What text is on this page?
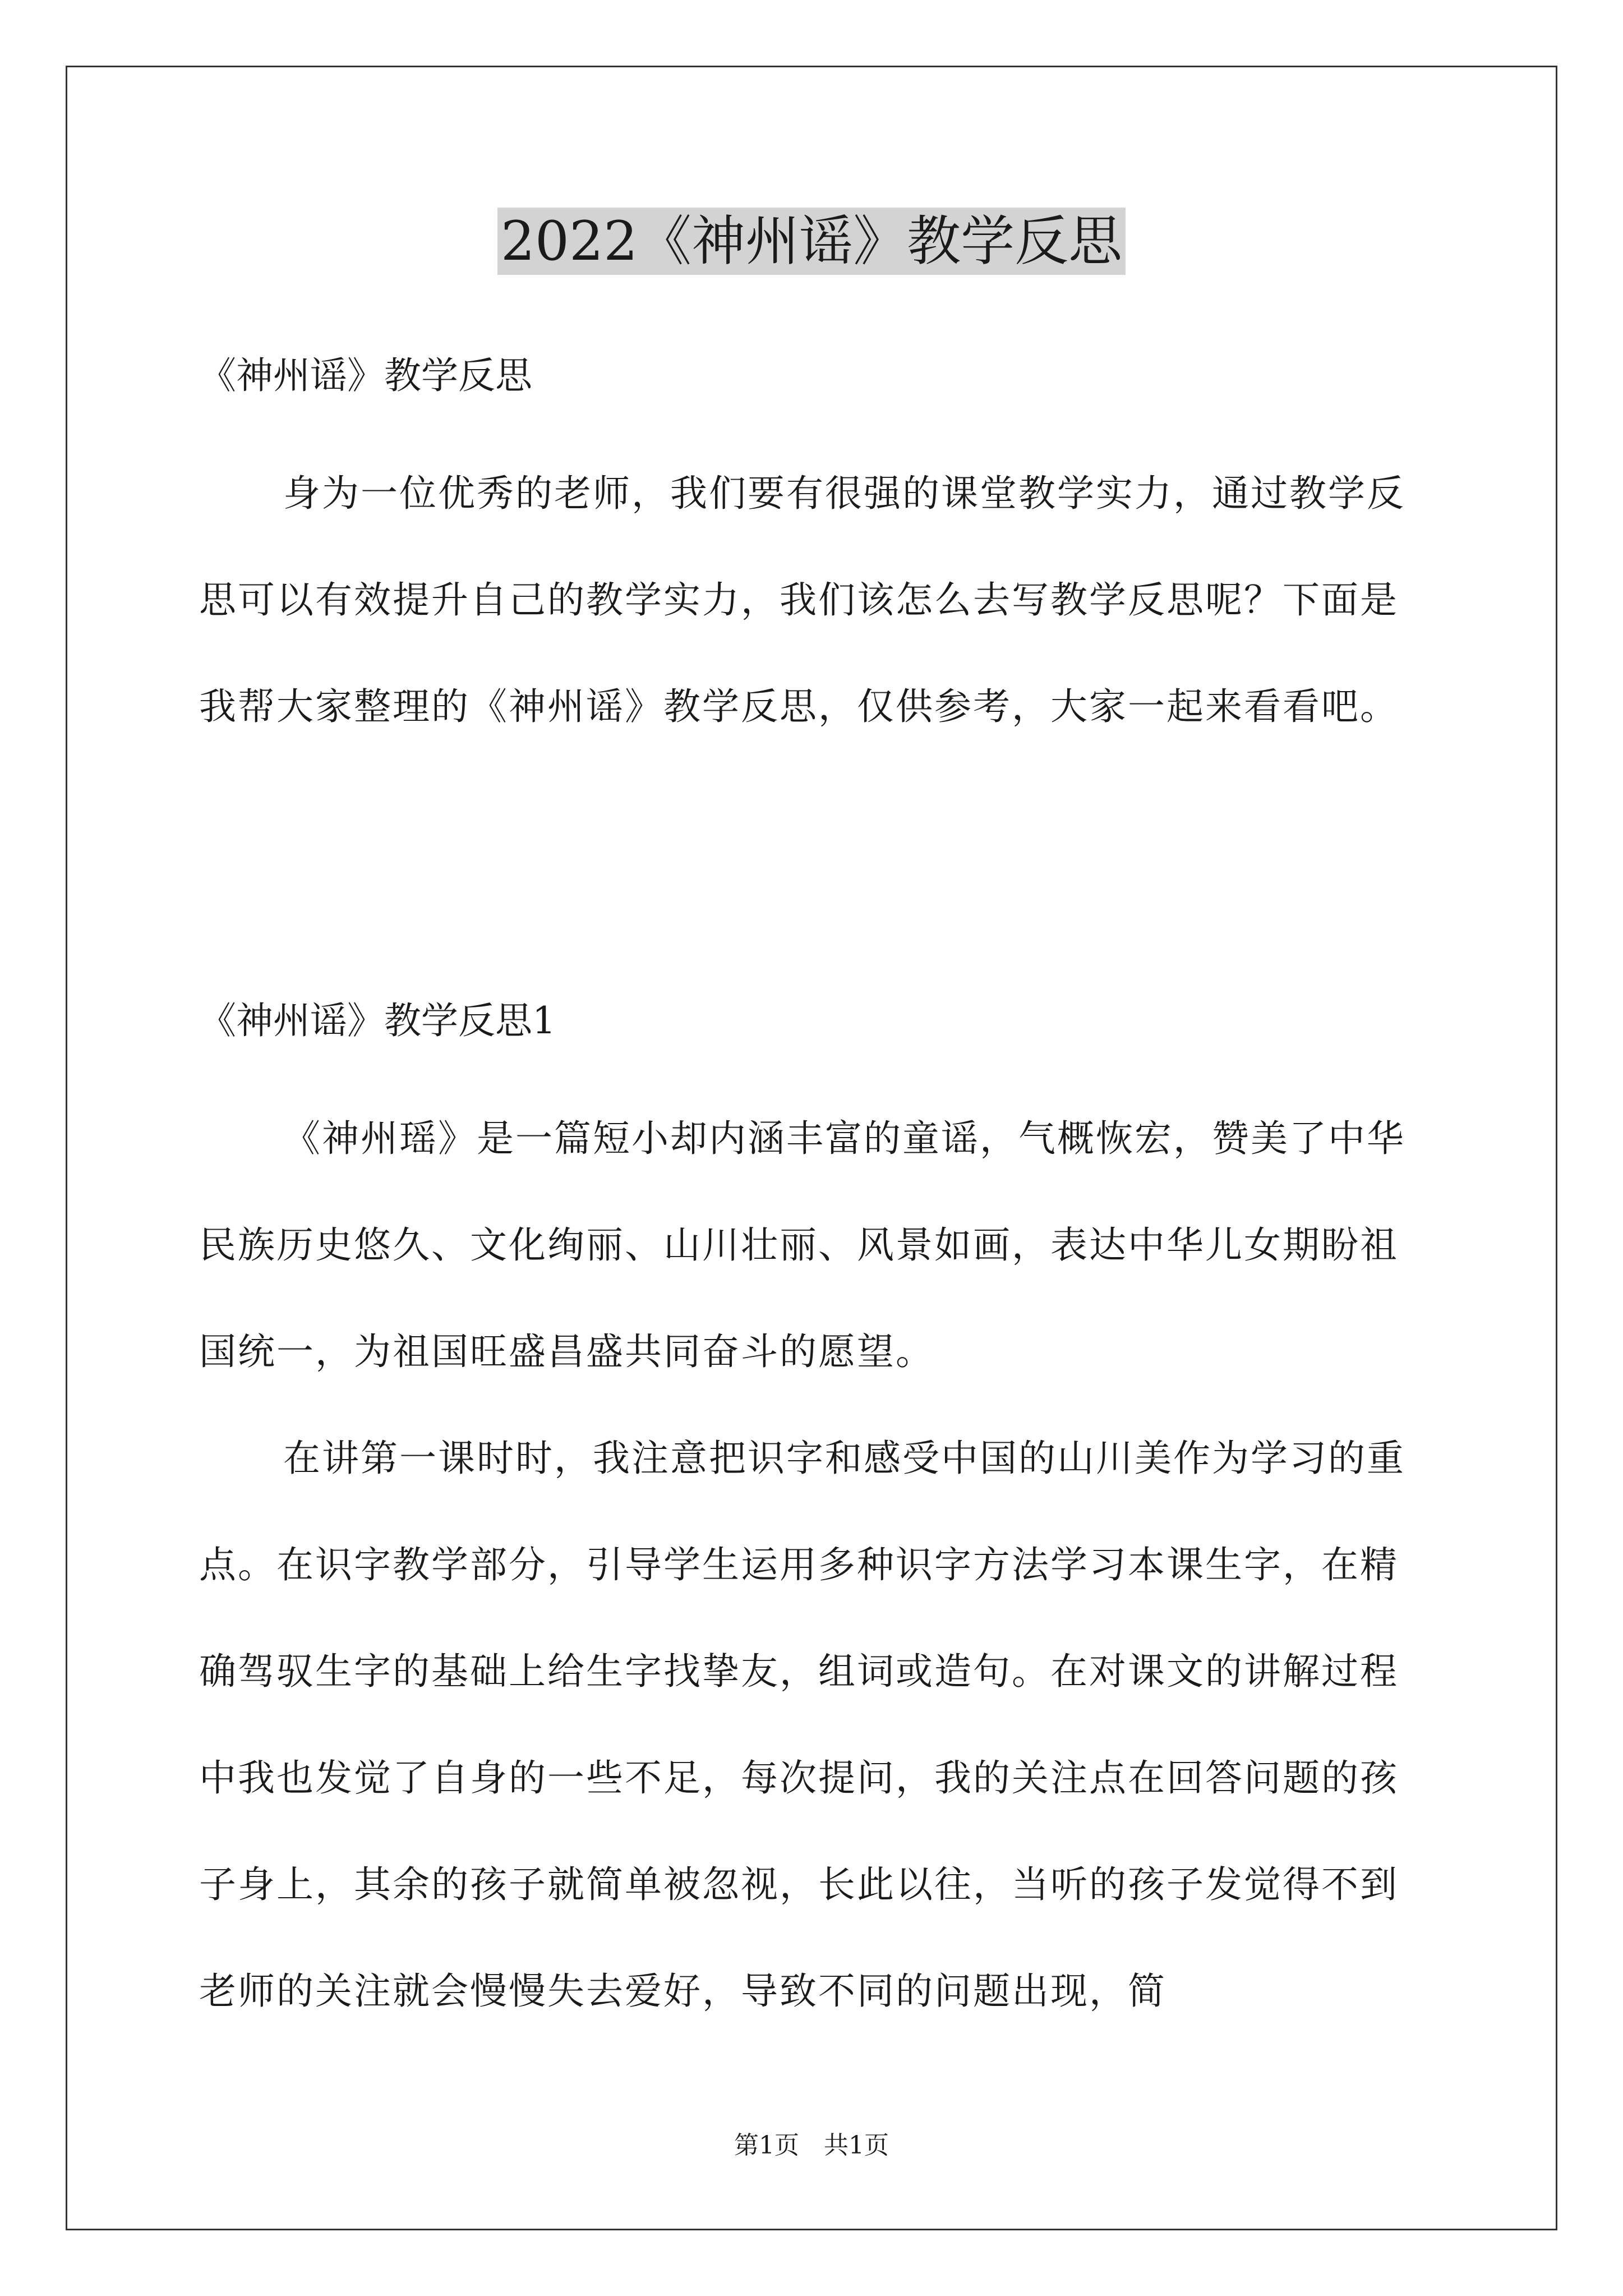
2022《神州谣》教学反思

《神州谣》教学反思

身为一位优秀的老师，我们要有很强的课堂教学实力，通过教学反思可以有效提升自己的教学实力，我们该怎么去写教学反思呢？下面是我帮大家整理的《神州谣》教学反思，仅供参考，大家一起来看看吧。

《神州谣》教学反思1

《神州瑶》是一篇短小却内涵丰富的童谣，气概恢宏，赞美了中华民族历史悠久、文化绚丽、山川壮丽、风景如画，表达中华儿女期盼祖国统一，为祖国旺盛昌盛共同奋斗的愿望。

在讲第一课时时，我注意把识字和感受中国的山川美作为学习的重点。在识字教学部分，引导学生运用多种识字方法学习本课生字，在精确驾驭生字的基础上给生字找挚友，组词或造句。在对课文的讲解过程中我也发觉了自身的一些不足，每次提问，我的关注点在回答问题的孩子身上，其余的孩子就简单被忽视，长此以往，当听的孩子发觉得不到老师的关注就会慢慢失去爱好，导致不同的问题出现，简

第1页　共1页
